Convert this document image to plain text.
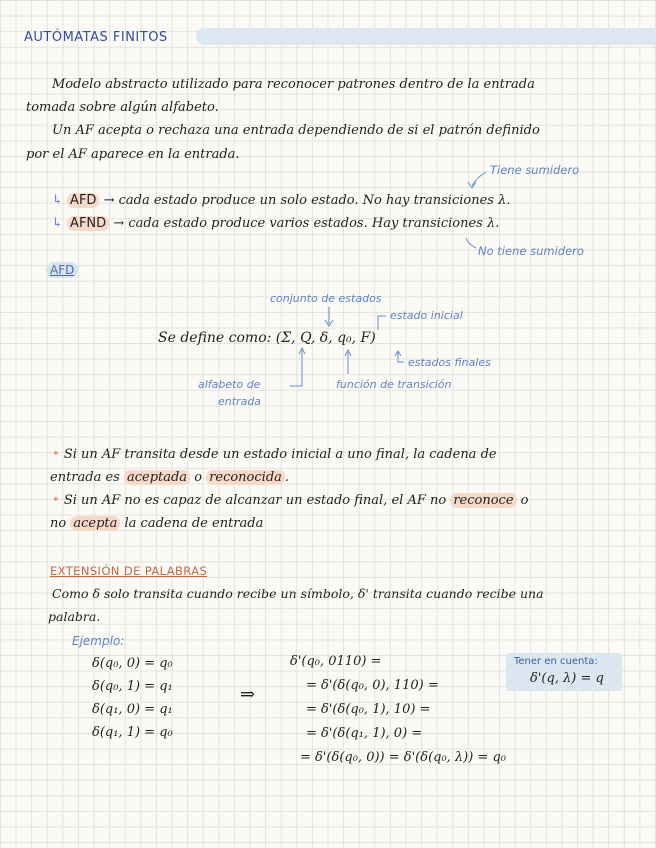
AUTÓMATAS FINITOS
Modelo abstracto utilizado para reconocer patrones dentro de la entrada
tomada sobre algún alfabeto.
Un AF acepta o rechaza una entrada dependiendo de si el patrón definido
por el AF aparece en la entrada.
Tiene sumidero
↳ AFD → cada estado produce un solo estado. No hay transiciones λ.
↳ AFND → cada estado produce varios estados. Hay transiciones λ.
No tiene sumidero
AFD
conjunto de estados
estado inicial
Se define como: (Σ, Q, δ, q₀, F)
estados finales
alfabeto de
entrada
función de transición
• Si un AF transita desde un estado inicial a uno final, la cadena de
entrada es aceptada o reconocida .
• Si un AF no es capaz de alcanzar un estado final, el AF no reconoce o
no acepta la cadena de entrada
EXTENSIÓN DE PALABRAS
Como δ solo transita cuando recibe un símbolo, δ' transita cuando recibe una
palabra.
Ejemplo:
δ(q₀, 0) = q₀
δ(q₀, 1) = q₁
δ(q₁, 0) = q₁
δ(q₁, 1) = q₀
⇒
δ'(q₀, 0110) =
= δ'(δ(q₀, 0), 110) =
= δ'(δ(q₀, 1), 10) =
= δ'(δ(q₁, 1), 0) =
= δ'(δ(q₀, 0)) = δ'(δ(q₀, λ)) = q₀
Tener en cuenta:
δ'(q, λ) = q
